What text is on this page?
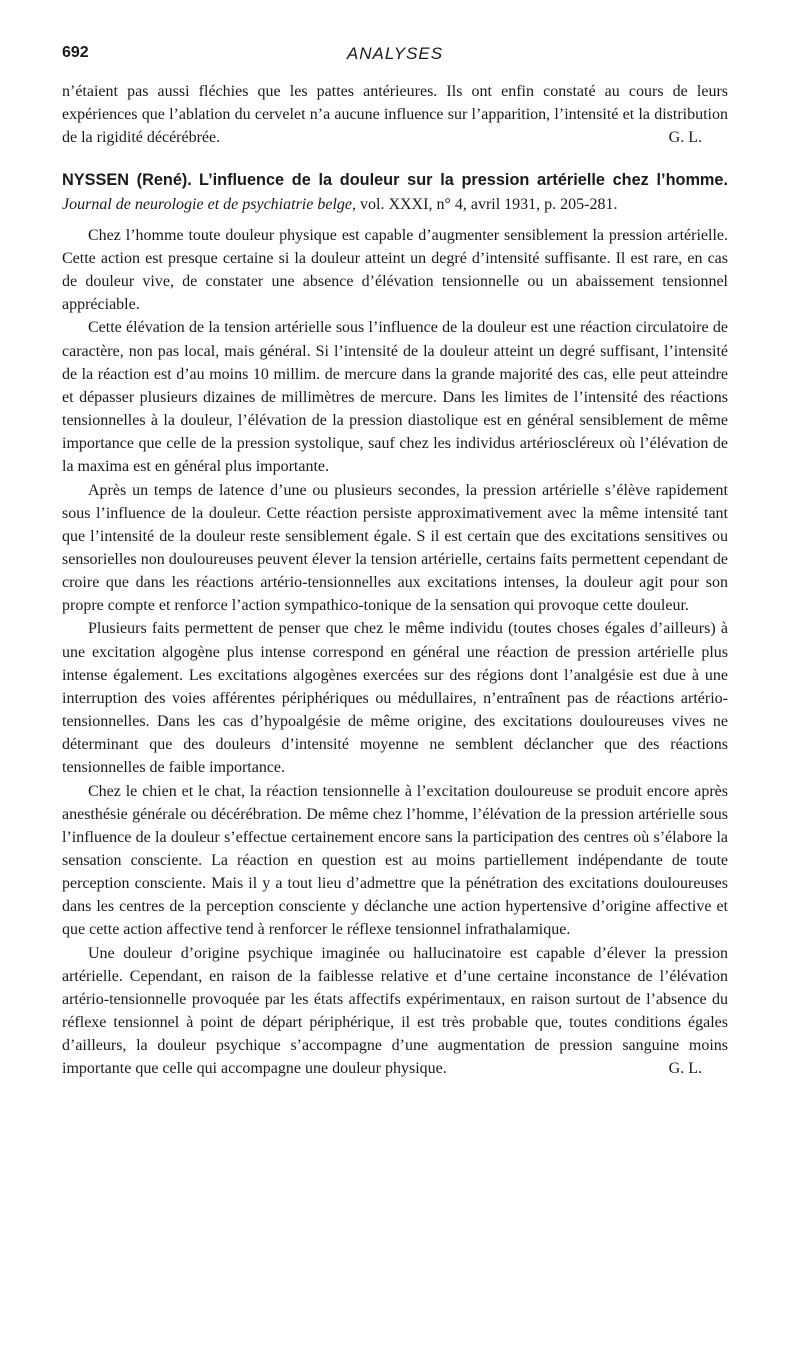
692	ANALYSES

n’étaient pas aussi fléchies que les pattes antérieures. Ils ont enfin constaté au cours de leurs expériences que l’ablation du cervelet n’a aucune influence sur l’apparition, l’intensité et la distribution de la rigidité décérébrée.	G. L.

NYSSEN (René). L’influence de la douleur sur la pression artérielle chez l’homme. Journal de neurologie et de psychiatrie belge, vol. XXXI, n° 4, avril 1931, p. 205-281.

Chez l’homme toute douleur physique est capable d’augmenter sensiblement la pression artérielle. Cette action est presque certaine si la douleur atteint un degré d’intensité suffisante. Il est rare, en cas de douleur vive, de constater une absence d’élévation tensionnelle ou un abaissement tensionnel appréciable.

Cette élévation de la tension artérielle sous l’influence de la douleur est une réaction circulatoire de caractère, non pas local, mais général. Si l’intensité de la douleur atteint un degré suffisant, l’intensité de la réaction est d’au moins 10 millim. de mercure dans la grande majorité des cas, elle peut atteindre et dépasser plusieurs dizaines de millimètres de mercure. Dans les limites de l’intensité des réactions tensionnelles à la douleur, l’élévation de la pression diastolique est en général sensiblement de même importance que celle de la pression systolique, sauf chez les individus artérioscléreux où l’élévation de la maxima est en général plus importante.

Après un temps de latence d’une ou plusieurs secondes, la pression artérielle s’élève rapidement sous l’influence de la douleur. Cette réaction persiste approximativement avec la même intensité tant que l’intensité de la douleur reste sensiblement égale. S il est certain que des excitations sensitives ou sensorielles non douloureuses peuvent élever la tension artérielle, certains faits permettent cependant de croire que dans les réactions artério-tensionnelles aux excitations intenses, la douleur agit pour son propre compte et renforce l’action sympathico-tonique de la sensation qui provoque cette douleur.

Plusieurs faits permettent de penser que chez le même individu (toutes choses égales d’ailleurs) à une excitation algogène plus intense correspond en général une réaction de pression artérielle plus intense également. Les excitations algogènes exercées sur des régions dont l’analgésie est due à une interruption des voies afférentes périphériques ou médullaires, n’entraînent pas de réactions artério-tensionnelles. Dans les cas d’hypoalgésie de même origine, des excitations douloureuses vives ne déterminant que des douleurs d’intensité moyenne ne semblent déclancher que des réactions tensionnelles de faible importance.

Chez le chien et le chat, la réaction tensionnelle à l’excitation douloureuse se produit encore après anesthésie générale ou décérébration. De même chez l’homme, l’élévation de la pression artérielle sous l’influence de la douleur s’effectue certainement encore sans la participation des centres où s’élabore la sensation consciente. La réaction en question est au moins partiellement indépendante de toute perception consciente. Mais il y a tout lieu d’admettre que la pénétration des excitations douloureuses dans les centres de la perception consciente y déclanche une action hypertensive d’origine affective et que cette action affective tend à renforcer le réflexe tensionnel infrathalamique.

Une douleur d’origine psychique imaginée ou hallucinatoire est capable d’élever la pression artérielle. Cependant, en raison de la faiblesse relative et d’une certaine inconstance de l’élévation artério-tensionnelle provoquée par les états affectifs expérimentaux, en raison surtout de l’absence du réflexe tensionnel à point de départ périphérique, il est très probable que, toutes conditions égales d’ailleurs, la douleur psychique s’accompagne d’une augmentation de pression sanguine moins importante que celle qui accompagne une douleur physique.	G. L.
